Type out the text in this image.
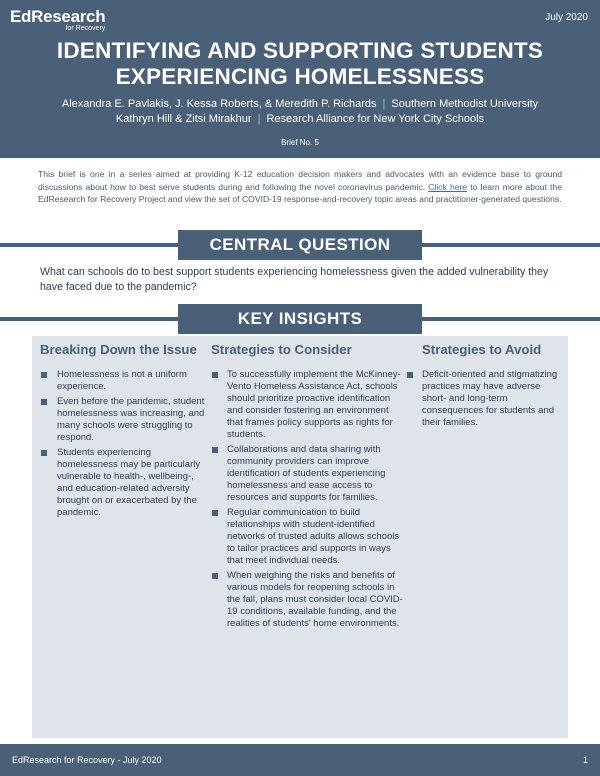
EdResearch
for Recovery
July 2020
IDENTIFYING AND SUPPORTING STUDENTS
EXPERIENCING HOMELESSNESS
Alexandra E. Pavlakis, J. Kessa Roberts, & Meredith P. Richards | Southern Methodist University
Kathryn Hill & Zitsi Mirakhur | Research Alliance for New York City Schools
Brief No. 5

This brief is one in a series aimed at providing K-12 education decision makers and advocates with an evidence base to ground discussions about how to best serve students during and following the novel coronavirus pandemic. Click here to learn more about the EdResearch for Recovery Project and view the set of COVID-19 response-and-recovery topic areas and practitioner-generated questions.

CENTRAL QUESTION

What can schools do to best support students experiencing homelessness given the added vulnerability they have faced due to the pandemic?

KEY INSIGHTS
Breaking Down the Issue
Homelessness is not a uniform experience.
Even before the pandemic, student homelessness was increasing, and many schools were struggling to respond.
Students experiencing homelessness may be particularly vulnerable to health-, wellbeing-, and education-related adversity brought on or exacerbated by the pandemic.
Strategies to Consider
To successfully implement the McKinney-Vento Homeless Assistance Act, schools should prioritize proactive identification and consider fostering an environment that frames policy supports as rights for students.
Collaborations and data sharing with community providers can improve identification of students experiencing homelessness and ease access to resources and supports for families.
Regular communication to build relationships with student-identified networks of trusted adults allows schools to tailor practices and supports in ways that meet individual needs.
When weighing the risks and benefits of various models for reopening schools in the fall, plans must consider local COVID-19 conditions, available funding, and the realities of students' home environments.
Strategies to Avoid
Deficit-oriented and stigmatizing practices may have adverse short- and long-term consequences for students and their families.
EdResearch for Recovery - July 2020	1
